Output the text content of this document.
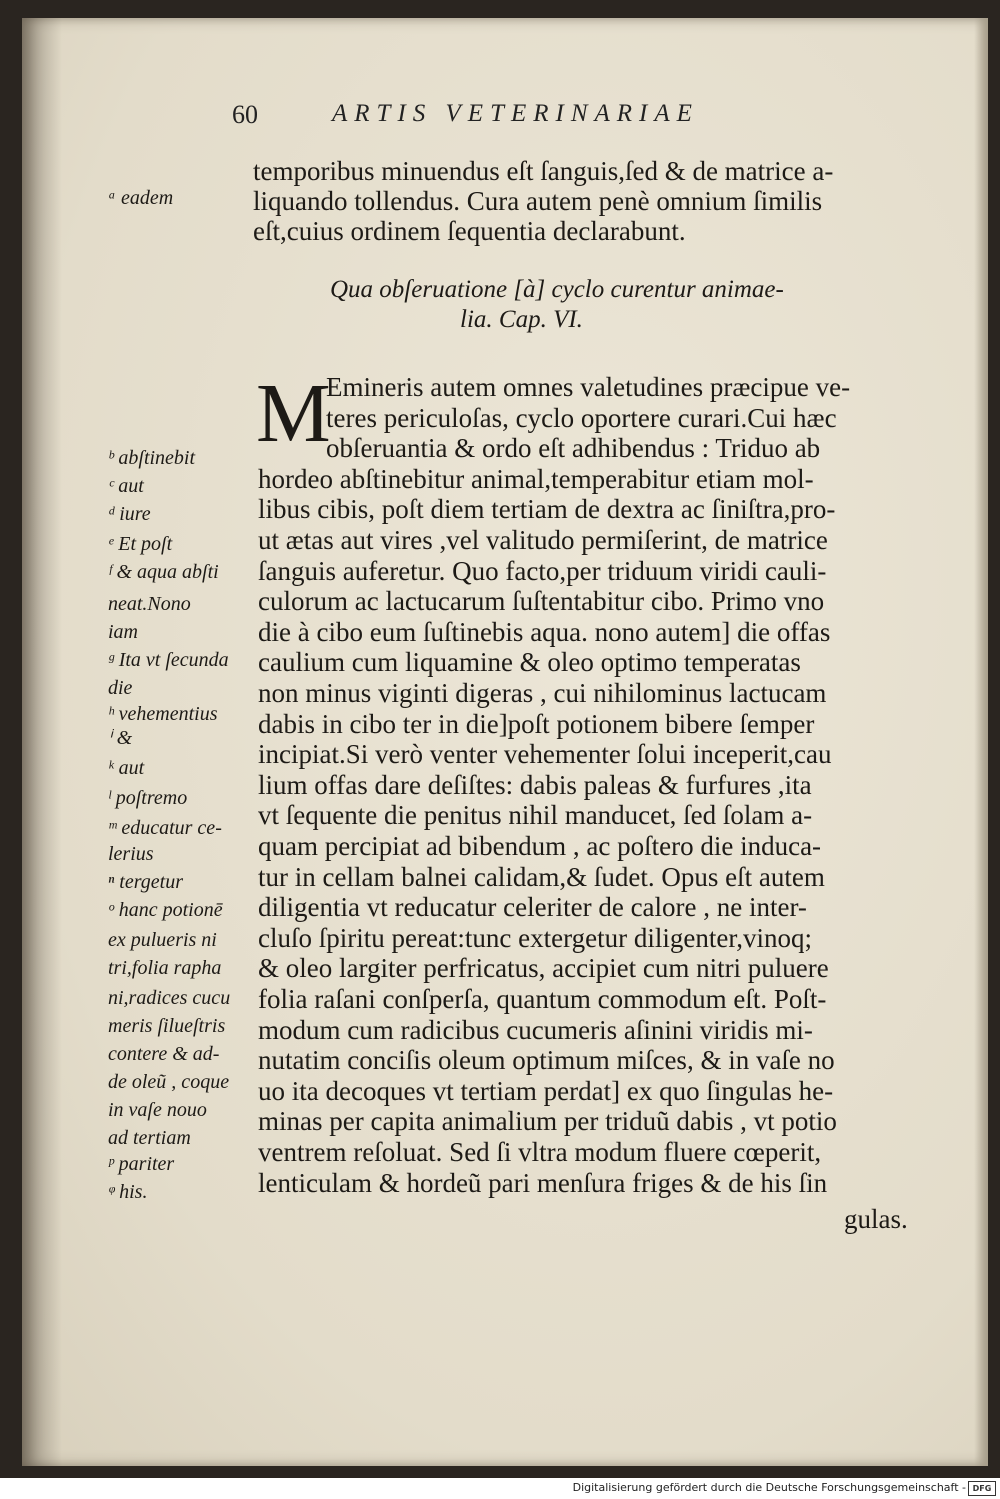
60	ARTIS VETERINARIAE
temporibus minuendus eſt ſanguis,ſed & de matrice a-
liquando tollendus. Cura autem penè omnium ſimilis
eſt,cuius ordinem ſequentia declarabunt.
Qua obſeruatione [à] cyclo curentur animae-
lia. Cap. VI.
M
Emineris autem omnes valetudines præcipue ve-
teres periculoſas, cyclo oportere curari.Cui hæc
obſeruantia & ordo eſt adhibendus : Triduo ab
hordeo abſtinebitur animal,temperabitur etiam mol-
libus cibis, poſt diem tertiam de dextra ac ſiniſtra,pro-
ut ætas aut vires ,vel valitudo permiſerint, de matrice
ſanguis auferetur. Quo facto,per triduum viridi cauli-
culorum ac lactucarum ſuſtentabitur cibo. Primo vno
die à cibo eum ſuſtinebis aqua. nono autem] die offas
caulium cum liquamine & oleo optimo temperatas
non minus viginti digeras , cui nihilominus lactucam
dabis in cibo ter in die]poſt potionem bibere ſemper
incipiat.Si verò venter vehementer ſolui inceperit,cau
lium offas dare deſiſtes: dabis paleas & furfures ,ita
vt ſequente die penitus nihil manducet, ſed ſolam a-
quam percipiat ad bibendum , ac poſtero die induca-
tur in cellam balnei calidam,& ſudet. Opus eſt autem
diligentia vt reducatur celeriter de calore , ne inter-
cluſo ſpiritu pereat:tunc extergetur diligenter,vinoq;
& oleo largiter perfricatus, accipiet cum nitri puluere
folia raſani conſperſa, quantum commodum eſt. Poſt-
modum cum radicibus cucumeris aſinini viridis mi-
nutatim conciſis oleum optimum miſces, & in vaſe no
uo ita decoques vt tertiam perdat] ex quo ſingulas he-
minas per capita animalium per triduũ dabis , vt potio
ventrem reſoluat. Sed ſi vltra modum fluere cœperit,
lenticulam & hordeũ pari menſura friges & de his ſin
gulas.
ᵃ eadem
ᵇ abſtinebit
ᶜ aut
ᵈ iure
ᵉ Et poſt
ᶠ & aqua abſti
neat.Nono
iam
ᵍ Ita vt ſecunda
die
ʰ vehementius
ⁱ &
ᵏ aut
ˡ poſtremo
ᵐ educatur ce-
lerius
ⁿ tergetur
ᵒ hanc potionē
ex pulueris ni
tri,folia rapha
ni,radices cucu
meris ſilueſtris
contere & ad-
de oleũ , coque
in vaſe nouo
ad tertiam
ᵖ pariter
ᵠ his.
Digitalisierung gefördert durch die Deutsche Forschungsgemeinschaft - DFG
